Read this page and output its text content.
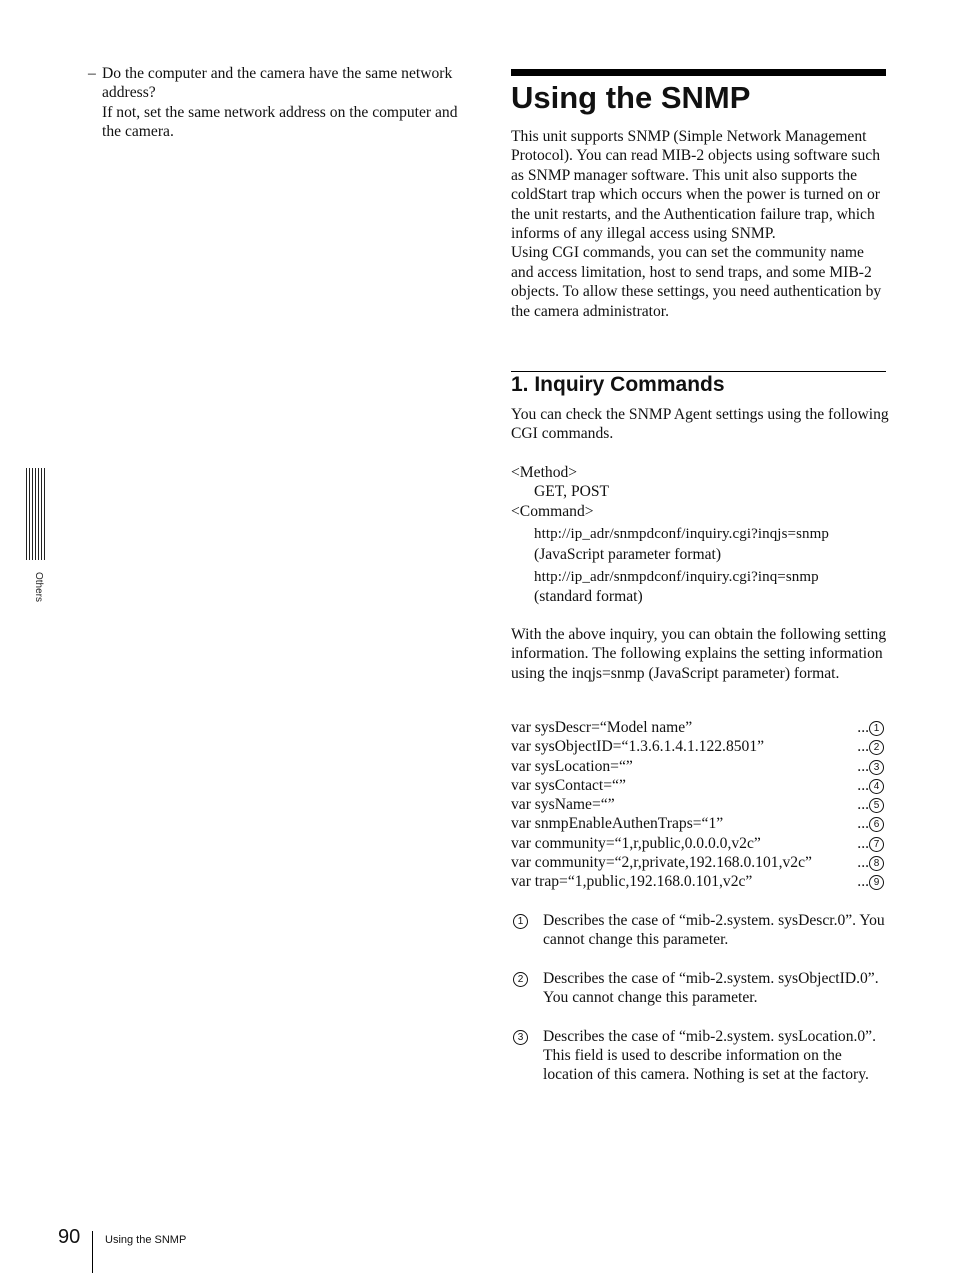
– Do the computer and the camera have the same network address?
If not, set the same network address on the computer and the camera.
Others
Using the SNMP

This unit supports SNMP (Simple Network Management Protocol). You can read MIB-2 objects using software such as SNMP manager software. This unit also supports the coldStart trap which occurs when the power is turned on or the unit restarts, and the Authentication failure trap, which informs of any illegal access using SNMP.

Using CGI commands, you can set the community name and access limitation, host to send traps, and some MIB-2 objects. To allow these settings, you need authentication by the camera administrator.

1. Inquiry Commands
You can check the SNMP Agent settings using the following CGI commands.
<Method>
GET, POST
<Command>
http://ip_adr/snmpdconf/inquiry.cgi?inqjs=snmp
(JavaScript parameter format)
http://ip_adr/snmpdconf/inquiry.cgi?inq=snmp
(standard format)
With the above inquiry, you can obtain the following setting information. The following explains the setting information using the inqjs=snmp (JavaScript parameter) format.
var sysDescr=“Model name”	... 1
var sysObjectID=“1.3.6.1.4.1.122.8501”	... 2
var sysLocation=“”	... 3
var sysContact=“”	... 4
var sysName=“”	... 5
var snmpEnableAuthenTraps=“1”	... 6
var community=“1,r,public,0.0.0.0,v2c”	... 7
var community=“2,r,private,192.168.0.101,v2c”	... 8
var trap=“1,public,192.168.0.101,v2c”	... 9
1	Describes the case of “mib-2.system. sysDescr.0”. You cannot change this parameter.
2	Describes the case of “mib-2.system. sysObjectID.0”. You cannot change this parameter.
3	Describes the case of “mib-2.system. sysLocation.0”. This field is used to describe information on the location of this camera. Nothing is set at the factory.
90 Using the SNMP
